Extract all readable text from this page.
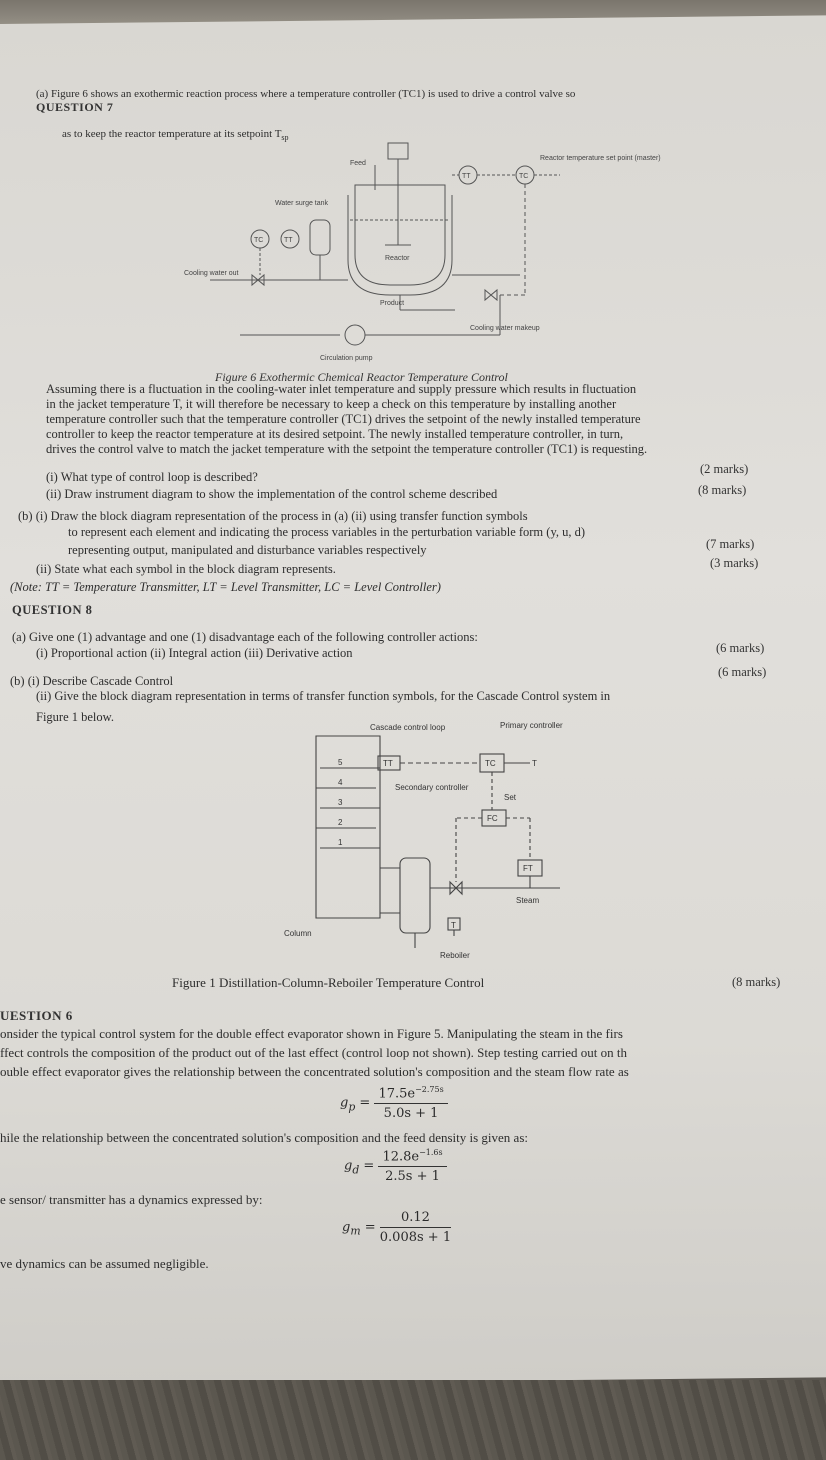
QUESTION 7
(a) Figure 6 shows an exothermic reaction process where a temperature controller (TC1) is used to drive a control valve so
as to keep the reactor temperature at its setpoint $T_{sp}$
Feed
Water surge tank
Cooling water out
Reactor
Product
Cooling water makeup
Circulation pump
Reactor temperature set point (master)
TC	TT
TT	TC
Figure 6 Exothermic Chemical Reactor Temperature Control
Assuming there is a fluctuation in the cooling-water inlet temperature and supply pressure which results in fluctuation
in the jacket temperature T, it will therefore be necessary to keep a check on this temperature by installing another
temperature controller such that the temperature controller (TC1) drives the setpoint of the newly installed temperature
controller to keep the reactor temperature at its desired setpoint. The newly installed temperature controller, in turn,
drives the control valve to match the jacket temperature with the setpoint the temperature controller (TC1) is requesting.
(i) What type of control loop is described?
(2 marks)
(ii) Draw instrument diagram to show the implementation of the control scheme described	(8 marks)
(b) (i) Draw the block diagram representation of the process in (a) (ii) using transfer function symbols
to represent each element and indicating the process variables in the perturbation variable form (y, u, d)
representing output, manipulated and disturbance variables respectively	(7 marks)
(ii) State what each symbol in the block diagram represents.	(3 marks)
(Note: TT = Temperature Transmitter, LT = Level Transmitter, LC = Level Controller)
QUESTION 8
(a) Give one (1) advantage and one (1) disadvantage each of the following controller actions:
(i) Proportional action (ii) Integral action (iii) Derivative action	(6 marks)
(b) (i) Describe Cascade Control
(6 marks)
(ii) Give the block diagram representation in terms of transfer function symbols, for the Cascade Control system in
Figure 1 below.
Cascade control loop	Primary controller
Secondary controller
TT	TC
FC
FT
T
Set
Steam
Column
Reboiler
T
5
4
3
2
1
Figure 1 Distillation-Column-Reboiler Temperature Control	(8 marks)
UESTION 6
onsider the typical control system for the double effect evaporator shown in Figure 5. Manipulating the steam in the firs
ffect controls the composition of the product out of the last effect (control loop not shown). Step testing carried out on th
ouble effect evaporator gives the relationship between the concentrated solution's composition and the steam flow rate as
$g_p = \frac{17.5e^{-2.75s}}{5.0s + 1}$
hile the relationship between the concentrated solution's composition and the feed density is given as:
$g_d = \frac{12.8e^{-1.6s}}{2.5s + 1}$
e sensor/ transmitter has a dynamics expressed by:
$g_m = \frac{0.12}{0.008s + 1}$
ve dynamics can be assumed negligible.
